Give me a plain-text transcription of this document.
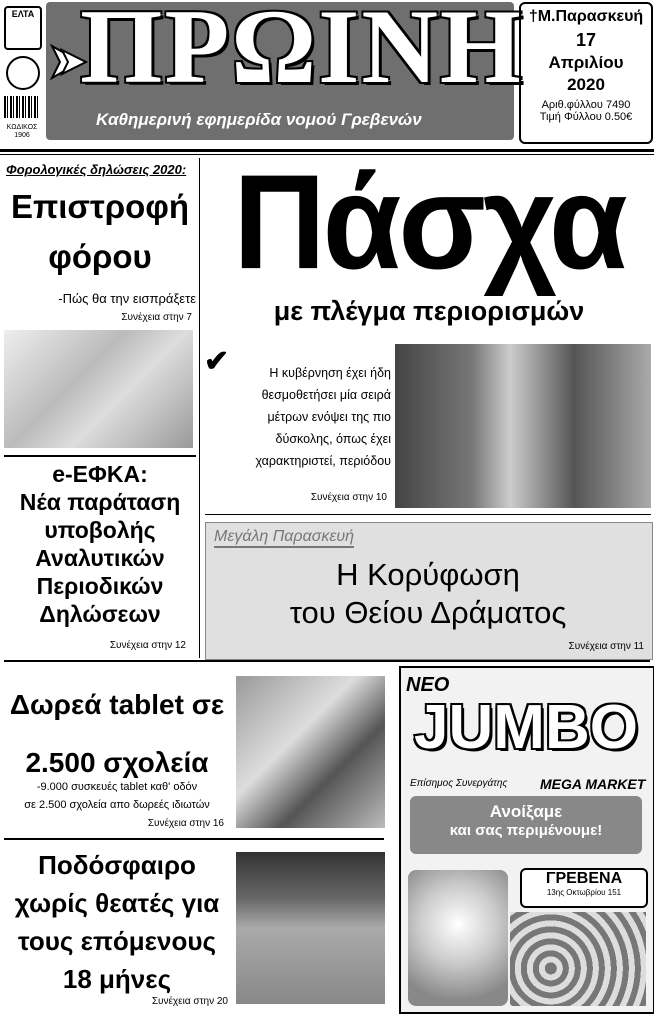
ΕΛΤΑ
ΚΩΔΙΚΟΣ
1906
ΠΡΩΙΝΗ
Καθημερινή εφημερίδα νομού Γρεβενών
†Μ.Παρασκευή
17
Απριλίου
2020
Αριθ.φύλλου 7490
Τιμή Φύλλου 0.50€
Φορολογικές δηλώσεις 2020:
Επιστροφή
φόρου
-Πώς θα την εισπράξετε
Συνέχεια στην 7
e-ΕΦΚΑ:
Νέα παράταση
υποβολής
Αναλυτικών
Περιοδικών
Δηλώσεων
Συνέχεια στην 12
Πάσχα
με πλέγμα περιορισμών
✔	Η κυβέρνηση έχει ήδη
θεσμοθετήσει μία σειρά
μέτρων ενόψει της πιο
δύσκολης, όπως έχει
χαρακτηριστεί, περιόδου
Συνέχεια στην 10
Μεγάλη Παρασκευή
Η Κορύφωση
του Θείου Δράματος
Συνέχεια στην 11
Δωρεά tablet σε
2.500 σχολεία
-9.000 συσκευές tablet καθ' οδόν
σε 2.500 σχολεία απο δωρεές ιδιωτών
Συνέχεια στην 16
Ποδόσφαιρο
χωρίς θεατές για
τους επόμενους
18 μήνες
Συνέχεια στην 20
ΝΕΟ
JUMBO
Επίσημος Συνεργάτης MEGA MARKET
Ανοίξαμε
και σας περιμένουμε!
ΓΡΕΒΕΝΑ
13ης Οκτωβρίου 151
